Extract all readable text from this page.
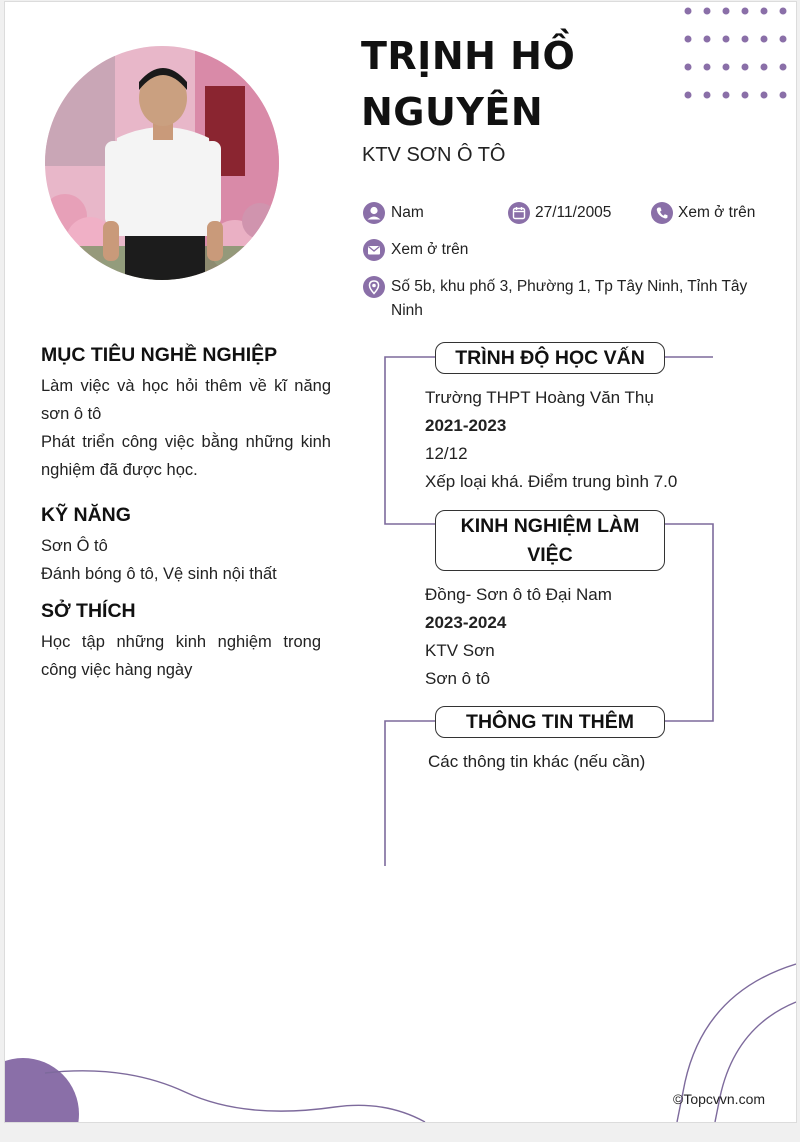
TRỊNH HỒ
NGUYÊN
KTV SƠN Ô TÔ
Nam	27/11/2005	Xem ở trên
Xem ở trên
Số 5b, khu phố 3, Phường 1, Tp Tây Ninh, Tỉnh Tây
Ninh
MỤC TIÊU NGHỀ NGHIỆP
Làm việc và học hỏi thêm về kĩ năng sơn ô tô
Phát triển công việc bằng những kinh nghiệm đã được học.
KỸ NĂNG
Sơn Ô tô
Đánh bóng ô tô, Vệ sinh nội thất
SỞ THÍCH
Học tập những kinh nghiệm trong công việc hàng ngày
TRÌNH ĐỘ HỌC VẤN
Trường THPT Hoàng Văn Thụ
2021-2023
12/12
Xếp loại khá. Điểm trung bình 7.0
KINH NGHIỆM LÀM
VIỆC
Đồng- Sơn ô tô Đại Nam
2023-2024
KTV Sơn
Sơn ô tô
THÔNG TIN THÊM
Các thông tin khác (nếu cần)
©Topcvvn.com
